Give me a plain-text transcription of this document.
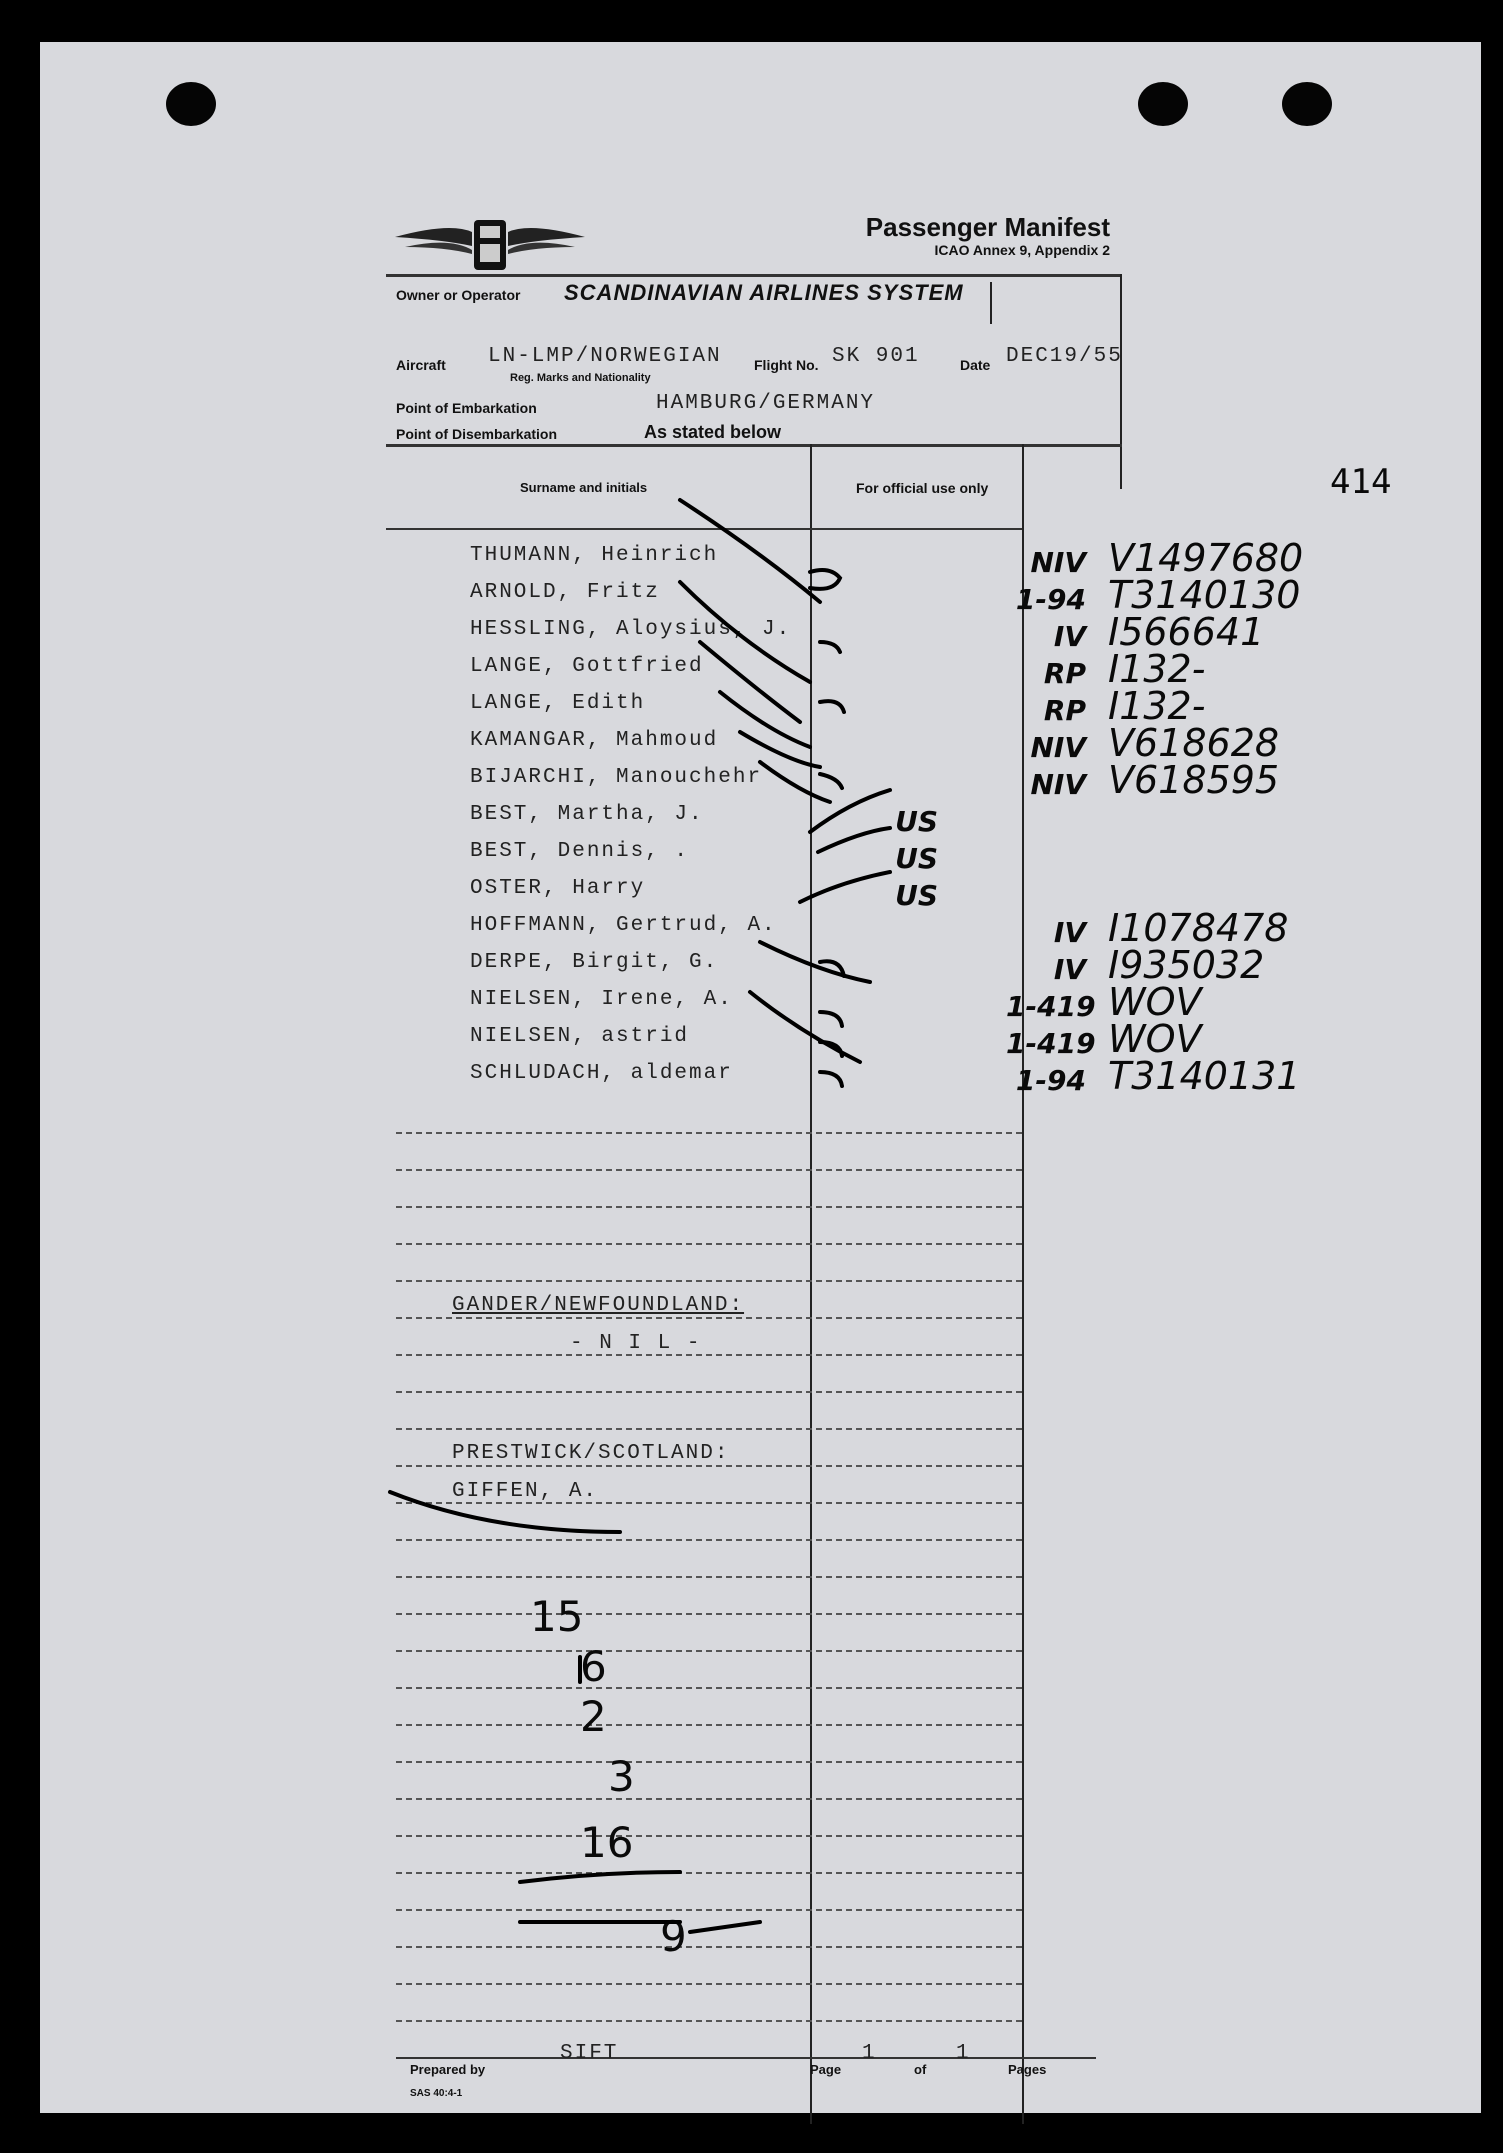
414
Passenger Manifest
ICAO Annex 9, Appendix 2
Owner or Operator SCANDINAVIAN AIRLINES SYSTEM
Aircraft LN-LMP/NORWEGIAN
Reg. Marks and Nationality
Flight No. SK 901	Date DEC19/55
Point of Embarkation	HAMBURG/GERMANY
Point of Disembarkation	As stated below
Surname and initials	For official use only
THUMANN, Heinrich	NIV V1497680
ARNOLD, Fritz	1-94 T3140130
HESSLING, Aloysius, J.	IV I566641
LANGE, Gottfried	RP I132-
LANGE, Edith	RP I132-
KAMANGAR, Mahmoud	NIV V618628
BIJARCHI, Manouchehr	NIV V618595
BEST, Martha, J.	US
BEST, Dennis, .	US
OSTER, Harry	US
HOFFMANN, Gertrud, A.	IV I1078478
DERPE, Birgit, G.	IV I935032
NIELSEN, Irene, A.	1-419 WOV
NIELSEN, astrid	1-419 WOV
SCHLUDACH, aldemar	1-94 T3140131
GANDER/NEWFOUNDLAND:
- N I L -
PRESTWICK/SCOTLAND:
GIFFEN, A.
15
6
2
3
16
9
Prepared by
SIFT
Page
1
of
1
Pages
SAS 40:4-1
